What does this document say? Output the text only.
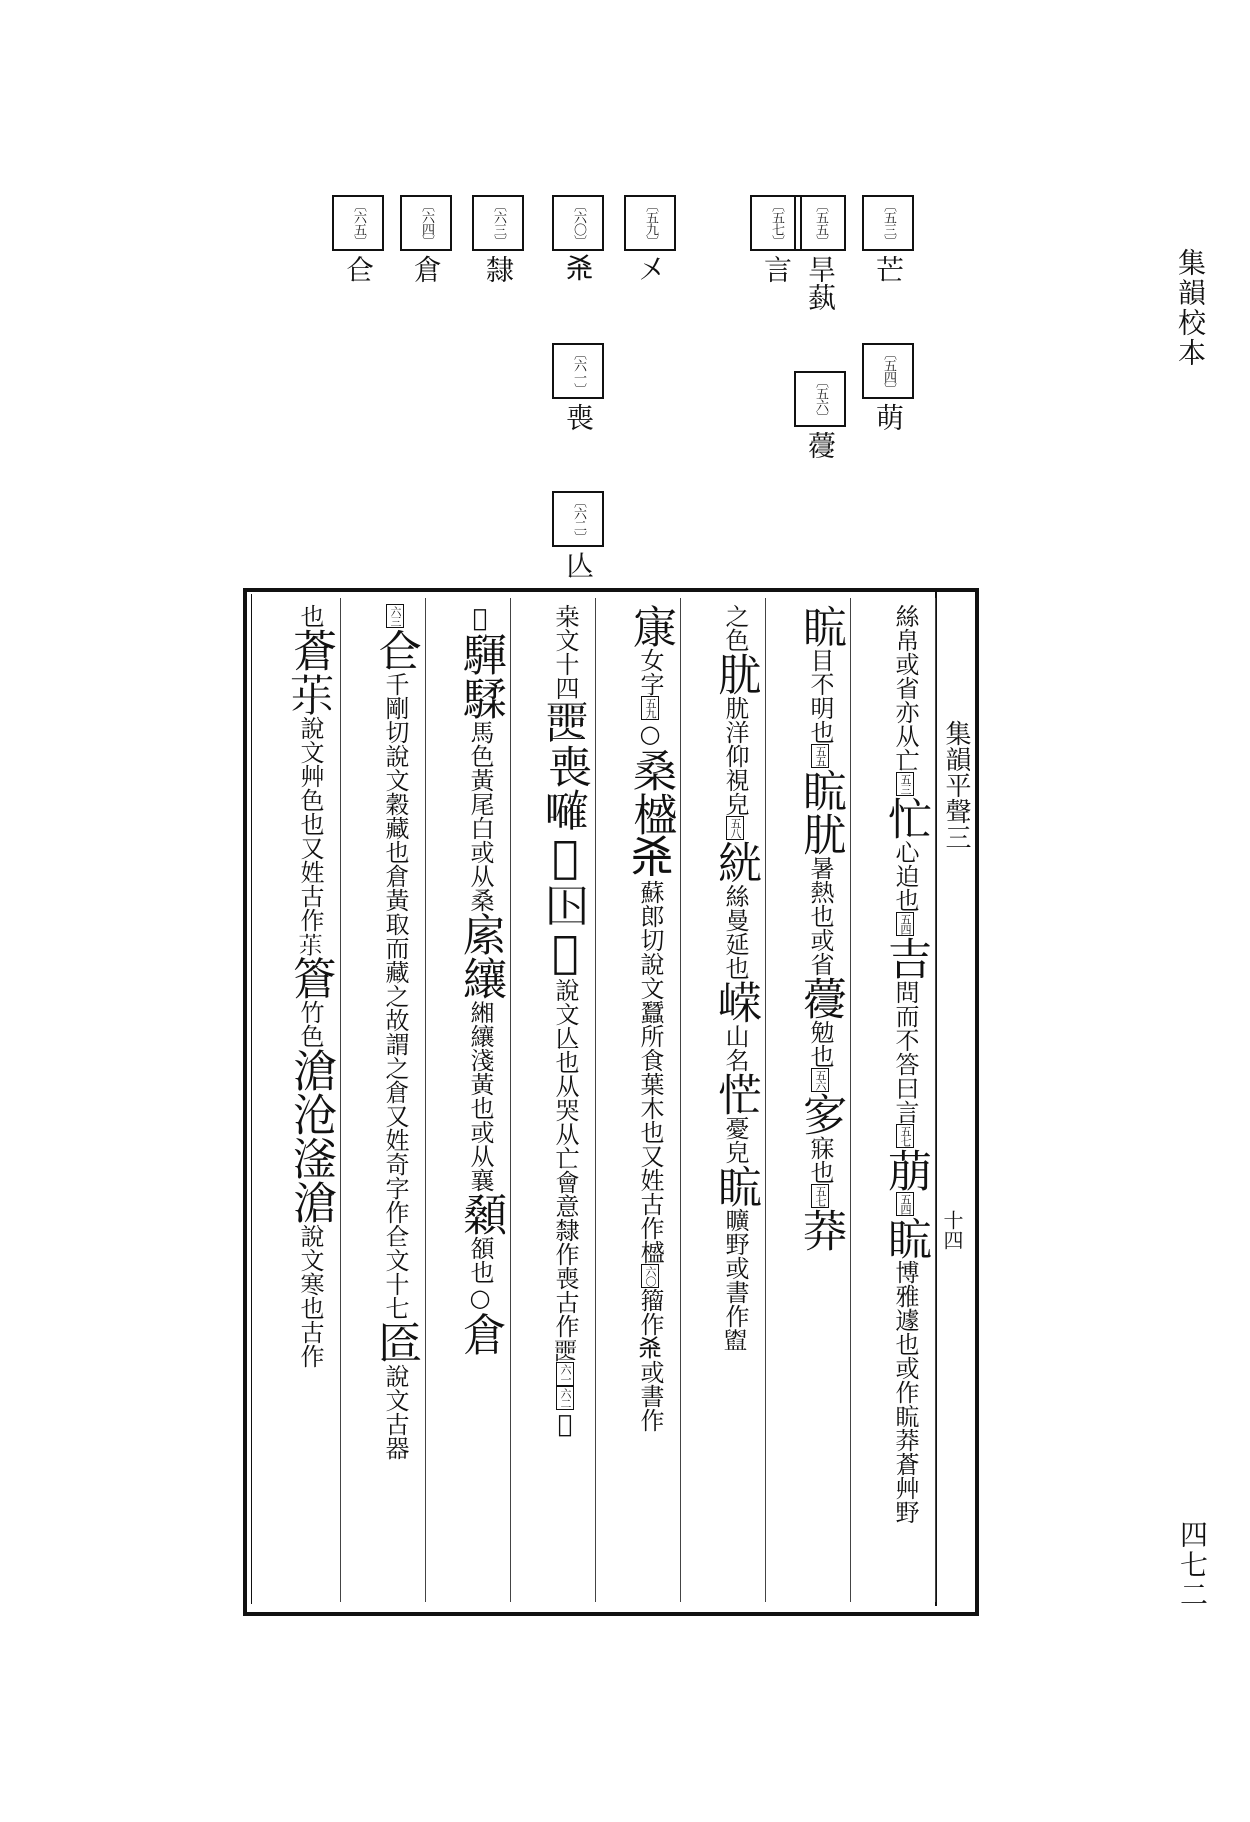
集韻校本
〔五三〕芒〔五四〕萌
〔五五〕旱蓺〔五六〕蘉
〔五七〕言
〔五九〕㐅
〔六〇〕𣏂〔六一〕喪〔六二〕亾
〔六三〕隸
〔六四〕倉
〔六五〕仺
集韻平聲三
十四
絲帛或省亦从亡五三忙心迫也五四吉問而不答曰言五七萠五四䀮博雅遽也或作䀮莽蒼艸野
䀮目不明也五五䀮肬暑熱也或省蘉勉也五六㝖寐也五七莽
之色肬肬洋仰視皃五八絖絲曼延也嵘山名恾憂皃䀮曠野或書作𥃔
㝩女字五九○桑𣛮𣏂蘇郎切說文蠶所食葉木也又姓古作𣛮六〇籀作𣏂或書作
桒文十四𡂤喪𡃜𡅞𡆥𢿱說文亾也从哭从亡會意隸作喪古作𡂤六一六二𡅞
𢿱䮝騥馬色黃尾白或从桑䋀纕緗纕淺黃也或从襄顙頟也○倉
六三仺千剛切說文穀藏也倉黃取而藏之故謂之倉又姓奇字作仺文十七匼說文古器
也蒼𦯝說文艸色也又姓古作𦯝篬竹色滄沧滏滄說文寒也古作
四七二
